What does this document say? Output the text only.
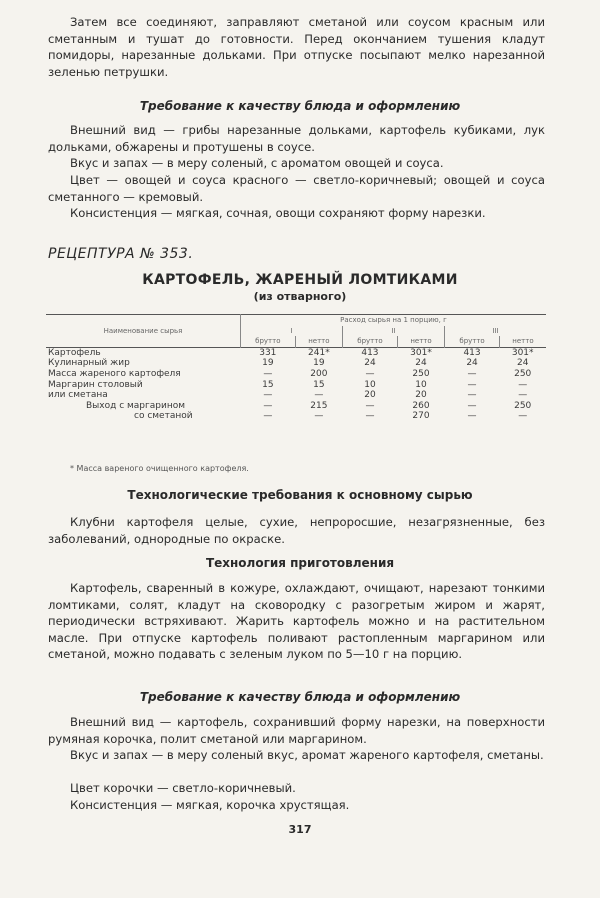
Затем все соединяют, заправляют сметаной или соусом красным или сметанным и тушат до готовности. Перед окончанием тушения кладут помидоры, нарезанные дольками. При отпуске посыпают мелко нарезанной зеленью петрушки.

Требование к качеству блюда и оформлению

Внешний вид — грибы нарезанные дольками, картофель кубиками, лук дольками, обжарены и протушены в соусе.

Вкус и запах — в меру соленый, с ароматом овощей и соуса.

Цвет — овощей и соуса красного — светло-коричневый; овощей и соуса сметанного — кремовый.

Консистенция — мягкая, сочная, овощи сохраняют форму нарезки.

РЕЦЕПТУРА № 353.
КАРТОФЕЛЬ, ЖАРЕНЫЙ ЛОМТИКАМИ
(из отварного)
Наименование сырья	Расход сырья на 1 порцию, г					
	I		II		III	
	брутто	нетто	брутто	нетто	брутто	нетто
Картофель	331	241*	413	301*	413	301*
Кулинарный жир	19	19	24	24	24	24
Масса жареного картофеля	—	200	—	250	—	250
Маргарин столовый	15	15	10	10	—	—
или сметана	—	—	20	20	—	—
Выход с маргарином	—	215	—	260	—	250
со сметаной	—	—	—	270	—	—
* Масса вареного очищенного картофеля.
Технологические требования к основному сырью

Клубни картофеля целые, сухие, непроросшие, незагрязненные, без заболеваний, однородные по окраске.

Технология приготовления

Картофель, сваренный в кожуре, охлаждают, очищают, нарезают тонкими ломтиками, солят, кладут на сковородку с разогретым жиром и жарят, периодически встряхивают. Жарить картофель можно и на растительном масле. При отпуске картофель поливают растопленным маргарином или сметаной, можно подавать с зеленым луком по 5—10 г на порцию.

Требование к качеству блюда и оформлению

Внешний вид — картофель, сохранивший форму нарезки, на поверхности румяная корочка, полит сметаной или маргарином.

Вкус и запах — в меру соленый вкус, аромат жареного картофеля, сметаны.

Цвет корочки — светло-коричневый.

Консистенция — мягкая, корочка хрустящая.

317
